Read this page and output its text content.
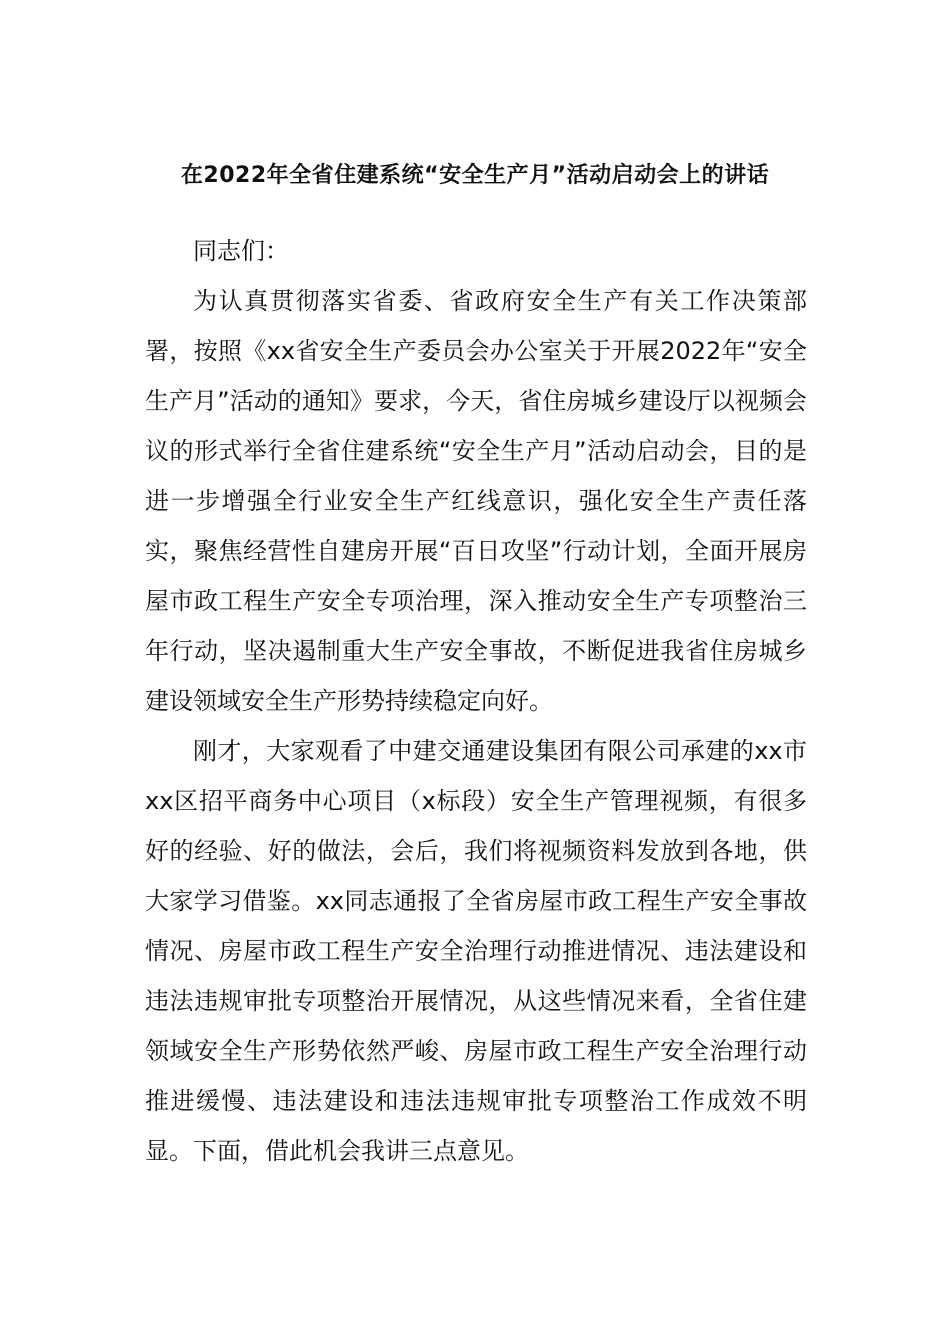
在2022年全省住建系统“安全生产月”活动启动会上的讲话

同志们：

为认真贯彻落实省委、省政府安全生产有关工作决策部署，按照《xx省安全生产委员会办公室关于开展2022年“安全生产月”活动的通知》要求，今天，省住房城乡建设厅以视频会议的形式举行全省住建系统“安全生产月”活动启动会，目的是进一步增强全行业安全生产红线意识，强化安全生产责任落实，聚焦经营性自建房开展“百日攻坚”行动计划，全面开展房屋市政工程生产安全专项治理，深入推动安全生产专项整治三年行动，坚决遏制重大生产安全事故，不断促进我省住房城乡建设领域安全生产形势持续稳定向好。

刚才，大家观看了中建交通建设集团有限公司承建的xx市xx区招平商务中心项目（x标段）安全生产管理视频，有很多好的经验、好的做法，会后，我们将视频资料发放到各地，供大家学习借鉴。xx同志通报了全省房屋市政工程生产安全事故情况、房屋市政工程生产安全治理行动推进情况、违法建设和违法违规审批专项整治开展情况，从这些情况来看，全省住建领域安全生产形势依然严峻、房屋市政工程生产安全治理行动推进缓慢、违法建设和违法违规审批专项整治工作成效不明显。下面，借此机会我讲三点意见。
